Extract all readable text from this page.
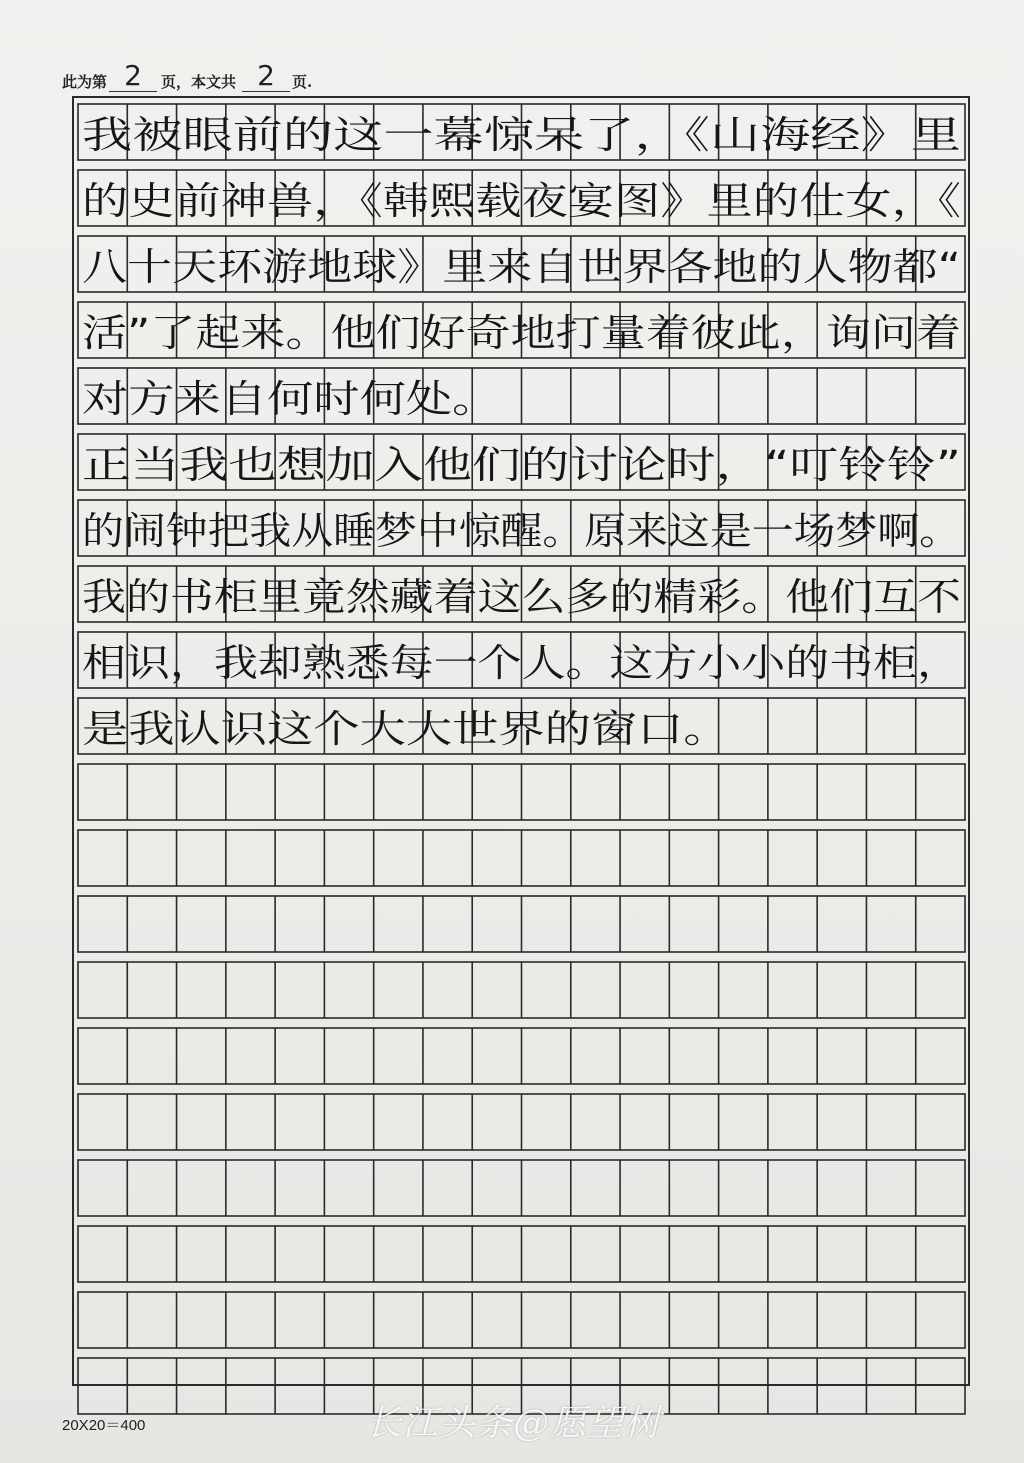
此为第 2	页，本文共 2	页.
我被眼前的这一幕惊呆了，《山海经》里
的史前神兽，《韩熙载夜宴图》里的仕女，《
八十天环游地球》里来自世界各地的人物都“
活”了起来。他们好奇地打量着彼此，询问着
对方来自何时何处。
正当我也想加入他们的讨论时，“叮铃铃”
的闹钟把我从睡梦中惊醒。原来这是一场梦啊。
我的书柜里竟然藏着这么多的精彩。他们互不
相识，我却熟悉每一个人。这方小小的书柜，
是我认识这个大大世界的窗口。
20X20＝400	长江头条@愿望树
